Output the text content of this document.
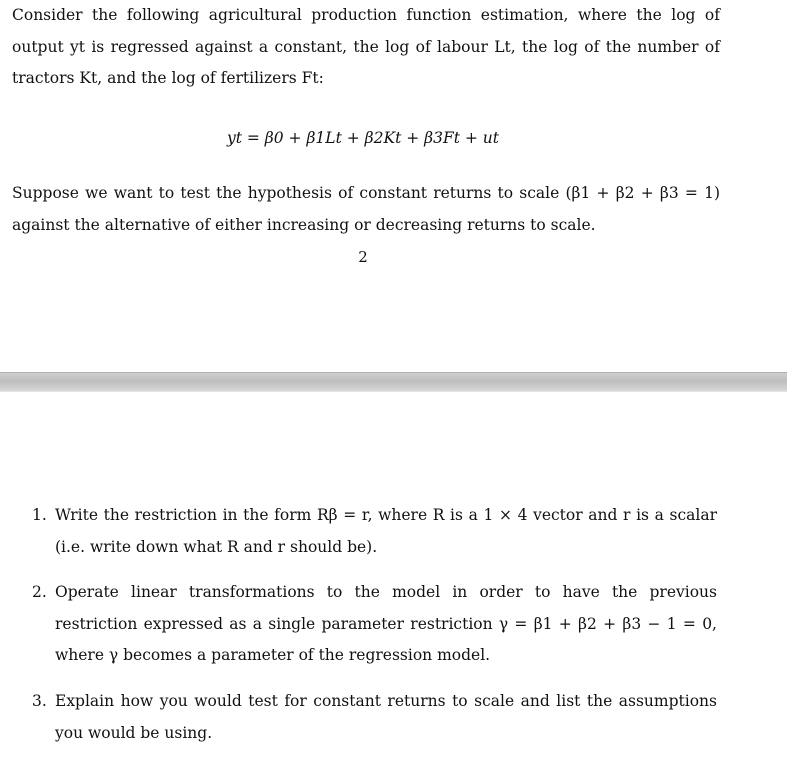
Consider the following agricultural production function estimation, where the log of output yt is regressed against a constant, the log of labour Lt, the log of the number of tractors Kt, and the log of fertilizers Ft:
yt = β0 + β1Lt + β2Kt + β3Ft + ut
Suppose we want to test the hypothesis of constant returns to scale (β1 + β2 + β3 = 1) against the alternative of either increasing or decreasing returns to scale.
2
1. Write the restriction in the form Rβ = r, where R is a 1 × 4 vector and r is a scalar (i.e. write down what R and r should be).
2. Operate linear transformations to the model in order to have the previous restriction expressed as a single parameter restriction γ = β1 + β2 + β3 − 1 = 0, where γ becomes a parameter of the regression model.
3. Explain how you would test for constant returns to scale and list the assumptions you would be using.
